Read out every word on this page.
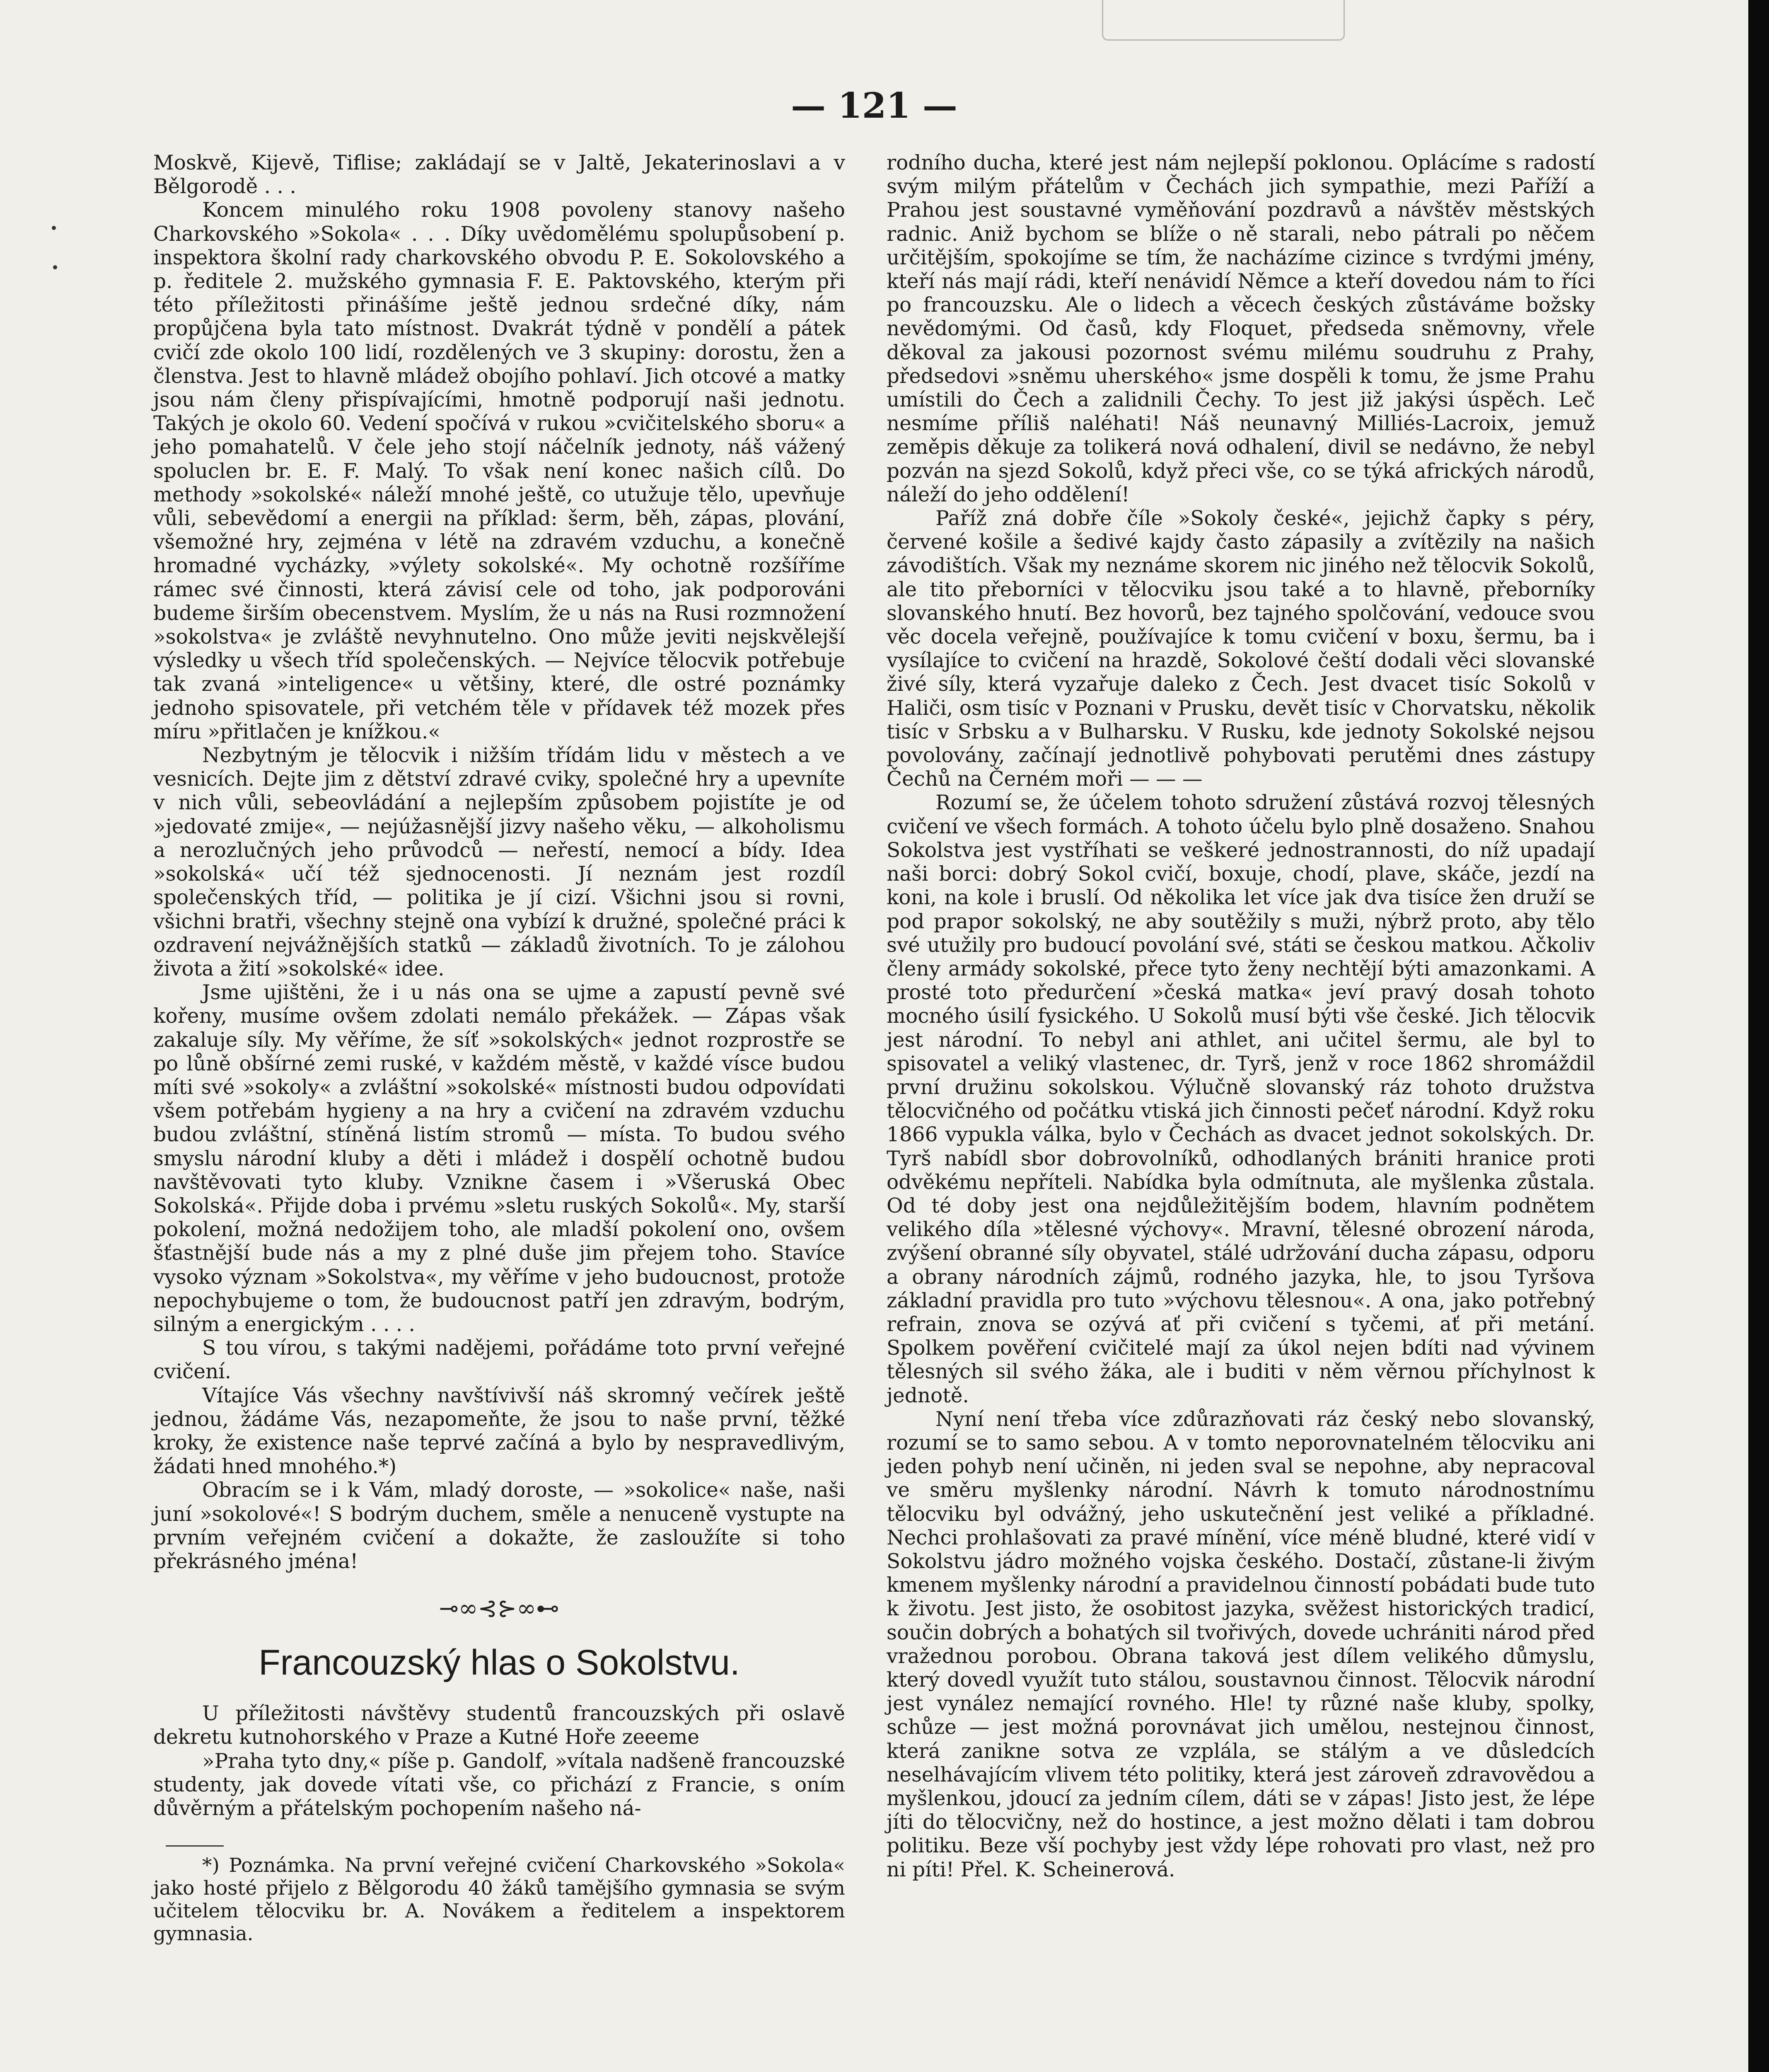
— 121 —

Moskvě, Kijevě, Tiflise; zakládají se v Jaltě, Jekaterinoslavi a v Bělgorodě . . .

Koncem minulého roku 1908 povoleny stanovy našeho Charkovského »Sokola« . . . Díky uvědomělému spolupůsobení p. inspektora školní rady charkovského obvodu P. E. Sokolovského a p. ředitele 2. mužského gymnasia F. E. Paktovského, kterým při této příležitosti přinášíme ještě jednou srdečné díky, nám propůjčena byla tato místnost. Dvakrát týdně v pondělí a pátek cvičí zde okolo 100 lidí, rozdělených ve 3 skupiny: dorostu, žen a členstva. Jest to hlavně mládež obojího pohlaví. Jich otcové a matky jsou nám členy přispívajícími, hmotně podporují naši jednotu. Takých je okolo 60. Vedení spočívá v rukou »cvičitelského sboru« a jeho pomahatelů. V čele jeho stojí náčelník jednoty, náš vážený spoluclen br. E. F. Malý. To však není konec našich cílů. Do methody »sokolské« náleží mnohé ještě, co utužuje tělo, upevňuje vůli, sebevědomí a energii na příklad: šerm, běh, zápas, plování, všemožné hry, zejména v létě na zdravém vzduchu, a konečně hromadné vycházky, »výlety sokolské«. My ochotně rozšíříme rámec své činnosti, která závisí cele od toho, jak podporováni budeme širším obecenstvem. Myslím, že u nás na Rusi rozmnožení »sokolstva« je zvláště nevyhnutelno. Ono může jeviti nejskvělejší výsledky u všech tříd společenských. — Nejvíce tělocvik potřebuje tak zvaná »inteligence« u většiny, které, dle ostré poznámky jednoho spisovatele, při vetchém těle v přídavek též mozek přes míru »přitlačen je knížkou.«

Nezbytným je tělocvik i nižším třídám lidu v městech a ve vesnicích. Dejte jim z dětství zdravé cviky, společné hry a upevníte v nich vůli, sebeovládání a nejlepším způsobem pojistíte je od »jedovaté zmije«, — nejúžasnější jizvy našeho věku, — alkoholismu a nerozlučných jeho průvodců — neřestí, nemocí a bídy. Idea »sokolská« učí též sjednocenosti. Jí neznám jest rozdíl společenských tříd, — politika je jí cizí. Všichni jsou si rovni, všichni bratři, všechny stejně ona vybízí k družné, společné práci k ozdravení nejvážnějších statků — základů životních. To je zálohou života a žití »sokolské« idee.

Jsme ujištěni, že i u nás ona se ujme a zapustí pevně své kořeny, musíme ovšem zdolati nemálo překážek. — Zápas však zakaluje síly. My věříme, že síť »sokolských« jednot rozprostře se po lůně obšírné zemi ruské, v každém městě, v každé vísce budou míti své »sokoly« a zvláštní »sokolské« místnosti budou odpovídati všem potřebám hygieny a na hry a cvičení na zdravém vzduchu budou zvláštní, stíněná listím stromů — místa. To budou svého smyslu národní kluby a děti i mládež i dospělí ochotně budou navštěvovati tyto kluby. Vznikne časem i »Všeruská Obec Sokolská«. Přijde doba i prvému »sletu ruských Sokolů«. My, starší pokolení, možná nedožijem toho, ale mladší pokolení ono, ovšem šťastnější bude nás a my z plné duše jim přejem toho. Stavíce vysoko význam »Sokolstva«, my věříme v jeho budoucnost, protože nepochybujeme o tom, že budoucnost patří jen zdravým, bodrým, silným a energickým . . . .

S tou vírou, s takými nadějemi, pořádáme toto první veřejné cvičení.

Vítajíce Vás všechny navštívivší náš skromný večírek ještě jednou, žádáme Vás, nezapomeňte, že jsou to naše první, těžké kroky, že existence naše teprvé začíná a bylo by nespravedlivým, žádati hned mnohého.*)

Obracím se i k Vám, mladý doroste, — »sokolice« naše, naši juní »sokolové«! S bodrým duchem, směle a nenuceně vystupte na prvním veřejném cvičení a dokažte, že zasloužíte si toho překrásného jména!

⊸∞⊰⊱∞⊷
Francouzský hlas o Sokolstvu.

U příležitosti návštěvy studentů francouzských při oslavě dekretu kutnohorského v Praze a Kutné Hoře zeeeme

»Praha tyto dny,« píše p. Gandolf, »vítala nadšeně francouzské studenty, jak dovede vítati vše, co přichází z Francie, s oním důvěrným a přátelským pochopením našeho ná-

*) Poznámka. Na první veřejné cvičení Charkovského »Sokola« jako hosté přijelo z Bělgorodu 40 žáků tamějšího gymnasia se svým učitelem tělocviku br. A. Novákem a ředitelem a inspektorem gymnasia.

rodního ducha, které jest nám nejlepší poklonou. Oplácíme s radostí svým milým přátelům v Čechách jich sympathie, mezi Paříží a Prahou jest soustavné vyměňování pozdravů a návštěv městských radnic. Aniž bychom se blíže o ně starali, nebo pátrali po něčem určitějším, spokojíme se tím, že nacházíme cizince s tvrdými jmény, kteří nás mají rádi, kteří nenávidí Němce a kteří dovedou nám to říci po francouzsku. Ale o lidech a věcech českých zůstáváme božsky nevědomými. Od časů, kdy Floquet, předseda sněmovny, vřele děkoval za jakousi pozornost svému milému soudruhu z Prahy, předsedovi »sněmu uherského« jsme dospěli k tomu, že jsme Prahu umístili do Čech a zalidnili Čechy. To jest již jakýsi úspěch. Leč nesmíme příliš naléhati! Náš neunavný Milliés-Lacroix, jemuž zeměpis děkuje za tolikerá nová odhalení, divil se nedávno, že nebyl pozván na sjezd Sokolů, když přeci vše, co se týká afrických národů, náleží do jeho oddělení!

Paříž zná dobře číle »Sokoly české«, jejichž čapky s péry, červené košile a šedivé kajdy často zápasily a zvítězily na našich závodištích. Však my neznáme skorem nic jiného než tělocvik Sokolů, ale tito přeborníci v tělocviku jsou také a to hlavně, přeborníky slovanského hnutí. Bez hovorů, bez tajného spolčování, vedouce svou věc docela veřejně, používajíce k tomu cvičení v boxu, šermu, ba i vysílajíce to cvičení na hrazdě, Sokolové čeští dodali věci slovanské živé síly, která vyzařuje daleko z Čech. Jest dvacet tisíc Sokolů v Haliči, osm tisíc v Poznani v Prusku, devět tisíc v Chorvatsku, několik tisíc v Srbsku a v Bulharsku. V Rusku, kde jednoty Sokolské nejsou povolovány, začínají jednotlivě pohybovati perutěmi dnes zástupy Čechů na Černém moři — — —

Rozumí se, že účelem tohoto sdružení zůstává rozvoj tělesných cvičení ve všech formách. A tohoto účelu bylo plně dosaženo. Snahou Sokolstva jest vystříhati se veškeré jednostrannosti, do níž upadají naši borci: dobrý Sokol cvičí, boxuje, chodí, plave, skáče, jezdí na koni, na kole i bruslí. Od několika let více jak dva tisíce žen druží se pod prapor sokolský, ne aby soutěžily s muži, nýbrž proto, aby tělo své utužily pro budoucí povolání své, státi se českou matkou. Ačkoliv členy armády sokolské, přece tyto ženy nechtějí býti amazonkami. A prosté toto předurčení »česká matka« jeví pravý dosah tohoto mocného úsilí fysického. U Sokolů musí býti vše české. Jich tělocvik jest národní. To nebyl ani athlet, ani učitel šermu, ale byl to spisovatel a veliký vlastenec, dr. Tyrš, jenž v roce 1862 shromáždil první družinu sokolskou. Výlučně slovanský ráz tohoto družstva tělocvičného od počátku vtiská jich činnosti pečeť národní. Když roku 1866 vypukla válka, bylo v Čechách as dvacet jednot sokolských. Dr. Tyrš nabídl sbor dobrovolníků, odhodlaných brániti hranice proti odvěkému nepříteli. Nabídka byla odmítnuta, ale myšlenka zůstala. Od té doby jest ona nejdůležitějším bodem, hlavním podnětem velikého díla »tělesné výchovy«. Mravní, tělesné obrození národa, zvýšení obranné síly obyvatel, stálé udržování ducha zápasu, odporu a obrany národních zájmů, rodného jazyka, hle, to jsou Tyršova základní pravidla pro tuto »výchovu tělesnou«. A ona, jako potřebný refrain, znova se ozývá ať při cvičení s tyčemi, ať při metání. Spolkem pověření cvičitelé mají za úkol nejen bdíti nad vývinem tělesných sil svého žáka, ale i buditi v něm věrnou příchylnost k jednotě.

Nyní není třeba více zdůrazňovati ráz český nebo slovanský, rozumí se to samo sebou. A v tomto neporovnatelném tělocviku ani jeden pohyb není učiněn, ni jeden sval se nepohne, aby nepracoval ve směru myšlenky národní. Návrh k tomuto národnostnímu tělocviku byl odvážný, jeho uskutečnění jest veliké a příkladné. Nechci prohlašovati za pravé mínění, více méně bludné, které vidí v Sokolstvu jádro možného vojska českého. Dostačí, zůstane-li živým kmenem myšlenky národní a pravidelnou činností pobádati bude tuto k životu. Jest jisto, že osobitost jazyka, svěžest historických tradicí, součin dobrých a bohatých sil tvořivých, dovede uchrániti národ před vražednou porobou. Obrana taková jest dílem velikého důmyslu, který dovedl využít tuto stálou, soustavnou činnost. Tělocvik národní jest vynález nemající rovného. Hle! ty různé naše kluby, spolky, schůze — jest možná porovnávat jich umělou, nestejnou činnost, která zanikne sotva ze vzplála, se stálým a ve důsledcích neselhávajícím vlivem této politiky, která jest zároveň zdravovědou a myšlenkou, jdoucí za jedním cílem, dáti se v zápas! Jisto jest, že lépe jíti do tělocvičny, než do hostince, a jest možno dělati i tam dobrou politiku. Beze vší pochyby jest vždy lépe rohovati pro vlast, než pro ni píti! Přel. K. Scheinerová.
